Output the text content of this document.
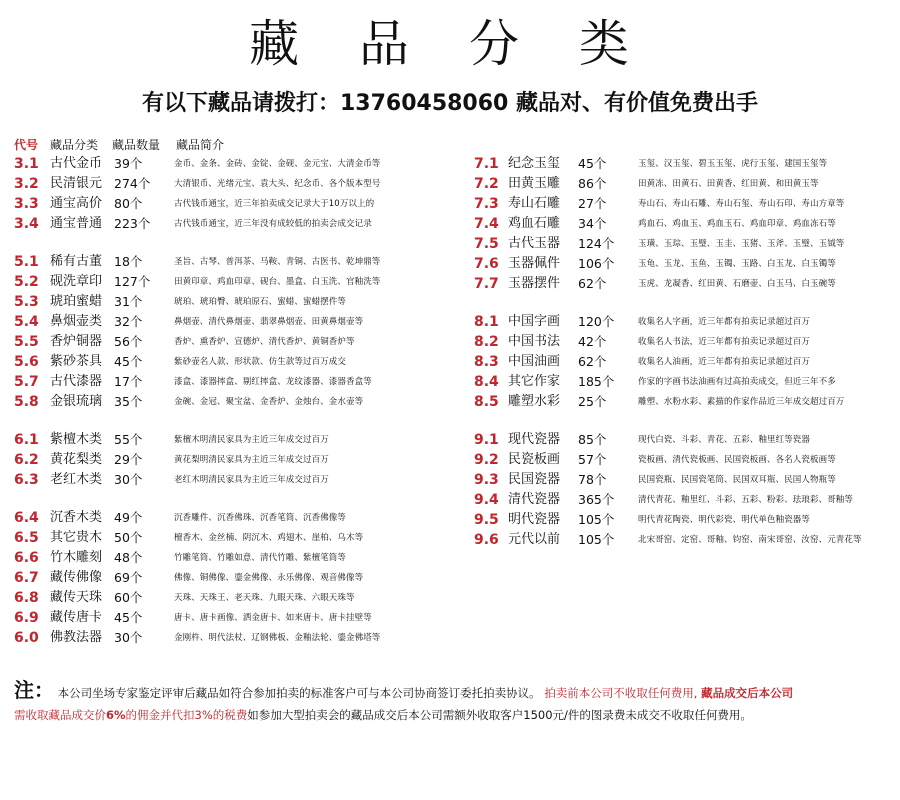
藏 品 分 类
有以下藏品请拨打：13760458060 藏品对、有价值免费出手
代号 藏品分类	藏品数量	藏品简介
3.1 古代金币 39个	金币、金条、金砖、金锭、金砚、金元宝、大清金币等
3.2 民清银元 274个	大清银币、光绪元宝、袁大头、纪念币、各个版本型号
3.3 通宝高价 80个	古代钱币通宝，近三年拍卖成交记录大于10万以上的
3.4 通宝普通 223个	古代钱币通宝，近三年没有成较低的拍卖会成交记录
5.1 稀有古董 18个	圣旨、古琴、普洱茶、马鞍、青铜、古医书、乾坤鼎等
5.2 砚洗章印 127个	田黄印章、鸡血印章、砚台、墨盒、白玉洗、官釉洗等
5.3 琥珀蜜蜡 31个	琥珀、琥珀臀、琥珀原石、蜜蜡、蜜蜡摆件等
5.4 鼻烟壶类 32个	鼻烟壶、清代鼻烟壶、翡翠鼻烟壶、田黄鼻烟壶等
5.5 香炉铜器 56个	香炉、熏香炉、宣德炉、清代香炉、黄铜香炉等
5.6 紫砂茶具 45个	紫砂壶名人款、形状款、仿生款等过百万成交
5.7 古代漆器 17个	漆盒、漆器摔盒、剔红摔盒、龙纹漆器、漆器香盒等
5.8 金银琉璃 35个	金碗、金冠、聚宝盆、金香炉、金烛台、金水壶等
6.1 紫檀木类 55个	紫檀木明清民家具为主近三年成交过百万
6.2 黄花梨类 29个	黄花梨明清民家具为主近三年成交过百万
6.3 老红木类 30个	老红木明清民家具为主近三年成交过百万
6.4 沉香木类 49个	沉香雕件、沉香佛珠、沉香笔筒、沉香佛像等
6.5 其它贵木 50个	檀香木、金丝楠、阴沉木、鸡翅木、崖柏、乌木等
6.6 竹木雕刻 48个	竹雕笔筒、竹雕如意、清代竹雕、紫檀笔筒等
6.7 藏传佛像 69个	佛像、铜佛像、鎏金佛像、永乐佛像、观音佛像等
6.8 藏传天珠 60个	天珠、天珠王、老天珠、九眼天珠、六眼天珠等
6.9 藏传唐卡 45个	唐卡、唐卡画像、洒金唐卡、如来唐卡、唐卡挂壁等
6.0 佛教法器 30个	金刚杵、明代法杖、辽钢佛板、金釉法轮、鎏金佛塔等
7.1 纪念玉玺	45个	玉玺、汉玉玺、碧玉玉玺、虎行玉玺、建国玉玺等
7.2 田黄玉雕	86个	田黄冻、田黄石、田黄香、红田黄、和田黄玉等
7.3 寿山石雕	27个	寿山石、寿山石雕、寿山石玺、寿山石印、寿山方章等
7.4 鸡血石雕	34个	鸡血石、鸡血玉、鸡血玉石、鸡血印章、鸡血冻石等
7.5 古代玉器	124个	玉璜、玉琮、玉璧、玉圭、玉猪、玉斧、玉璧、玉钺等
7.6 玉器佩件	106个	玉龟、玉龙、玉鱼、玉镯、玉路、白玉龙、白玉镯等
7.7 玉器摆件	62个	玉虎、龙凝香、红田黄、石磨壶、白玉马、白玉碗等
8.1 中国字画	120个	收集名人字画，近三年都有拍卖记录超过百万
8.2 中国书法	42个	收集名人书法，近三年都有拍卖记录超过百万
8.3 中国油画	62个	收集名人油画，近三年都有拍卖记录超过百万
8.4 其它作家	185个	作家的字画书法油画有过高拍卖成交，但近三年不多
8.5 雕塑水彩	25个	雕塑、水粉水彩、素描的作家作品近三年成交超过百万
9.1 现代瓷器	85个	现代白瓷、斗彩、青花、五彩、釉里红等瓷器
9.2 民瓷板画	57个	瓷板画、清代瓷板画、民国瓷板画、各名人瓷板画等
9.3 民国瓷器	78个	民国瓷瓶、民国瓷笔筒、民国双耳瓶、民国人物瓶等
9.4 清代瓷器	365个	清代青花、釉里红、斗彩、五彩、粉彩、珐琅彩、哥釉等
9.5 明代瓷器	105个	明代青花陶瓷、明代彩瓷、明代单色釉瓷器等
9.6 元代以前	105个	北宋哥窑、定窑、哥釉、钧窑、南宋哥窑、汝窑、元青花等
注： 本公司坐场专家鉴定评审后藏品如符合参加拍卖的标准客户可与本公司协商签订委托拍卖协议。 拍卖前本公司不收取任何费用, 藏品成交后本公司
需收取藏品成交价6%的佣金并代扣3%的税费如参加大型拍卖会的藏品成交后本公司需额外收取客户1500元/件的图录费未成交不收取任何费用。
